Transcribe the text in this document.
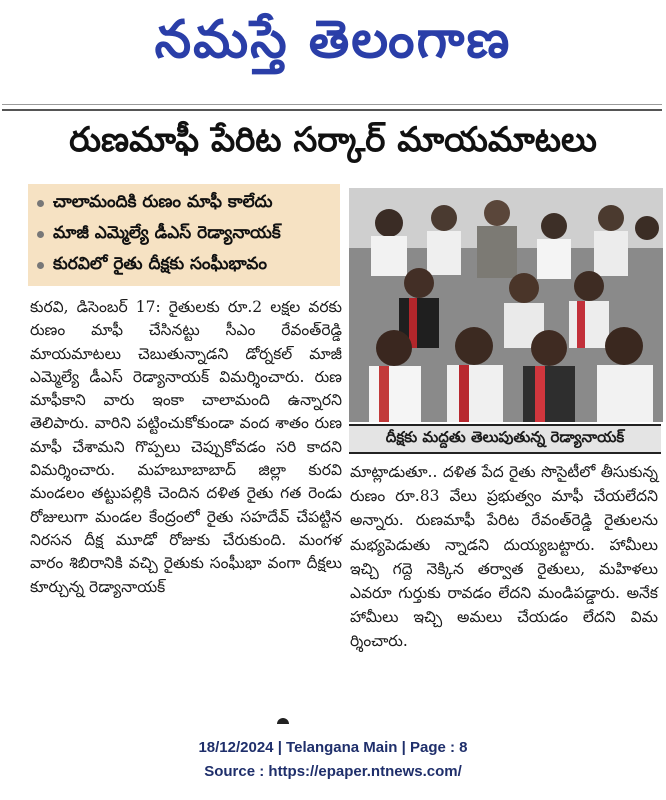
నమస్తే తెలంగాణ
రుణమాఫీ పేరిట సర్కార్ మాయమాటలు
చాలామందికి రుణం మాఫీ కాలేదు
మాజీ ఎమ్మెల్యే డీఎస్ రెడ్యానాయక్
కురవిలో రైతు దీక్షకు సంఘీభావం
కురవి, డిసెంబర్ 17: రైతులకు రూ.2 లక్షల వరకు రుణం మాఫీ చేసినట్టు సీఎం రేవంత్‌రెడ్డి మాయమాటలు చెబుతున్నాడని డోర్నకల్ మాజీ ఎమ్మెల్యే డీఎస్ రెడ్యానాయక్ విమర్శించారు. రుణ మాఫీకాని వారు ఇంకా చాలామంది ఉన్నారని తెలిపారు. వారిని పట్టించుకోకుండా వంద శాతం రుణ మాఫీ చేశామని గొప్పలు చెప్పుకోవడం సరి కాదని విమర్శించారు. మహబూబాబాద్ జిల్లా కురవి మండలం తట్టుపల్లికి చెందిన దళిత రైతు గత రెండు రోజులుగా మండల కేంద్రంలో రైతు సహదేవ్ చేపట్టిన నిరసన దీక్ష మూడో రోజుకు చేరుకుంది. మంగళ వారం శిబిరానికి వచ్చి రైతుకు సంఘీభా వంగా దీక్షలు కూర్చున్న రెడ్యానాయక్
దీక్షకు మద్దతు తెలుపుతున్న రెడ్యానాయక్
మాట్లాడుతూ.. దళిత పేద రైతు సొసైటీలో తీసుకున్న రుణం రూ.83 వేలు ప్రభుత్వం మాఫీ చేయలేదని అన్నారు. రుణమాఫీ పేరిట రేవంత్‌రెడ్డి రైతులను మభ్యపెడుతు న్నాడని దుయ్యబట్టారు. హామీలు ఇచ్చి గద్దె నెక్కిన తర్వాత రైతులు, మహిళలు ఎవరూ గుర్తుకు రావడం లేదని మండిపడ్డారు. అనేక హామీలు ఇచ్చి అమలు చేయడం లేదని విమ ర్శించారు.
18/12/2024 | Telangana Main | Page : 8
Source : https://epaper.ntnews.com/
